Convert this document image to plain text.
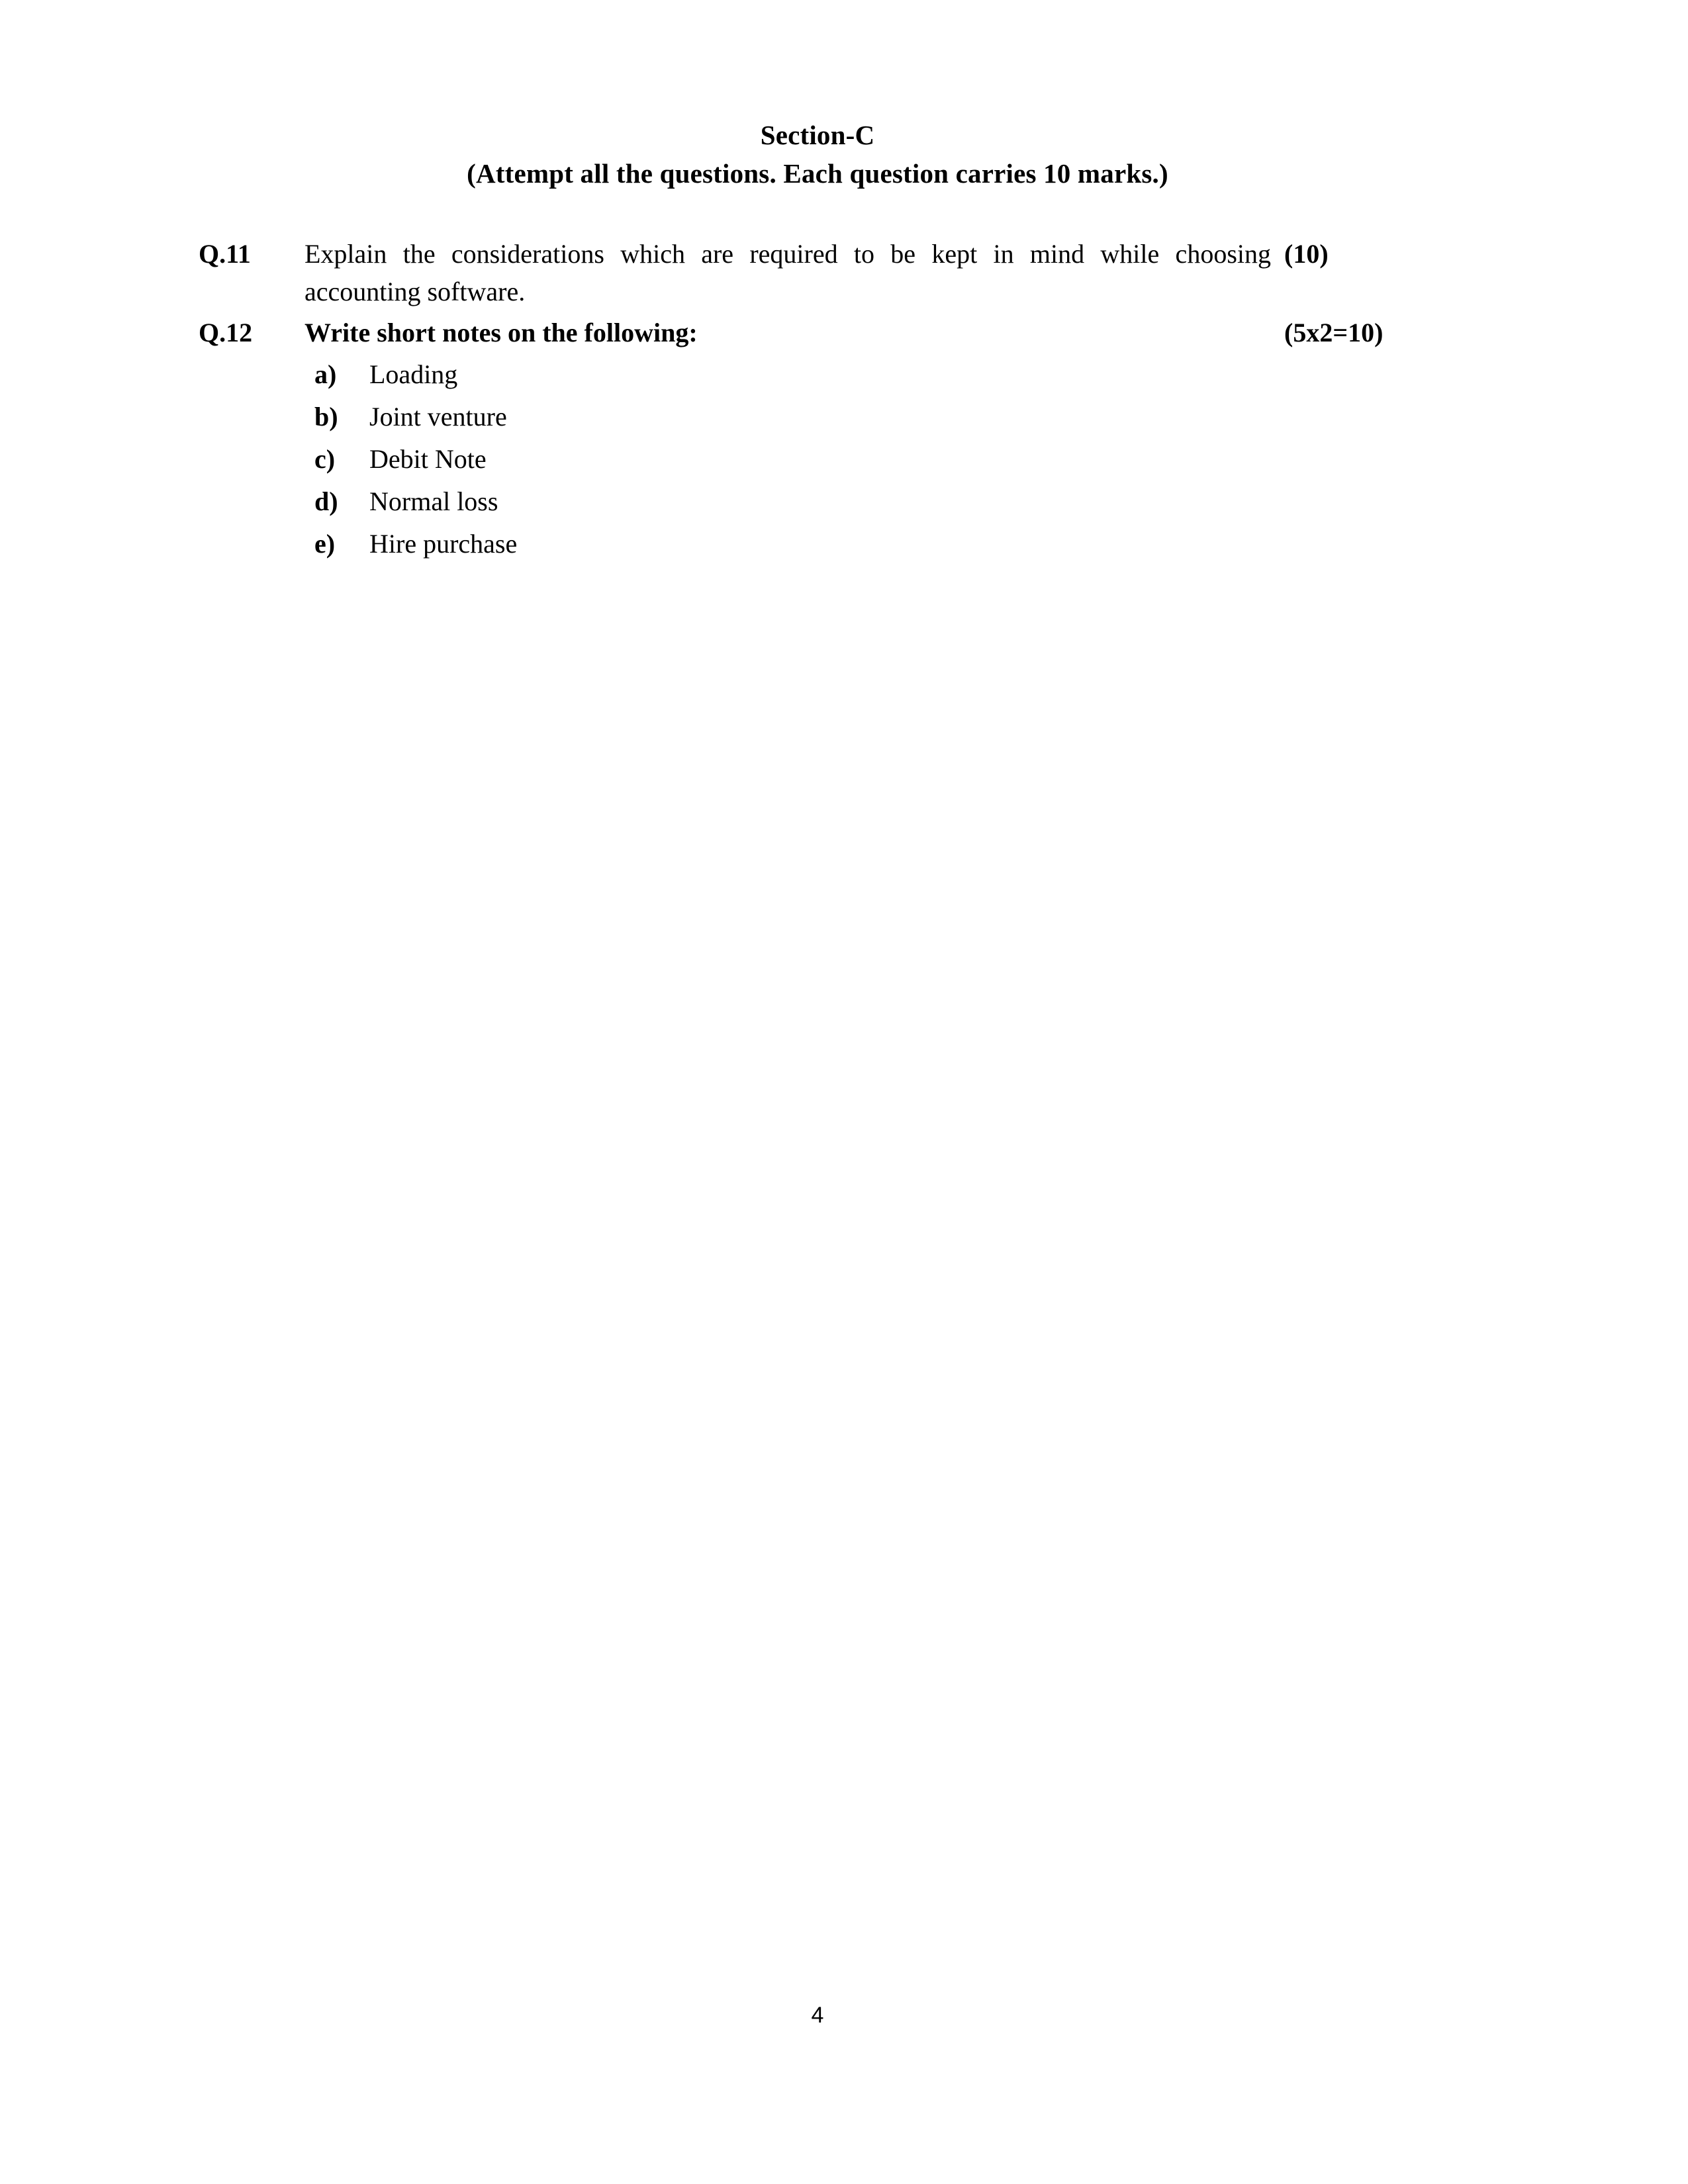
Section-C
(Attempt all the questions. Each question carries 10 marks.)
Q.11	Explain the considerations which are required to be kept in mind while choosing accounting software.
(10)
Q.12	Write short notes on the following:	(5x2=10)
a) Loading
b) Joint venture
c) Debit Note
d) Normal loss
e) Hire purchase
4
